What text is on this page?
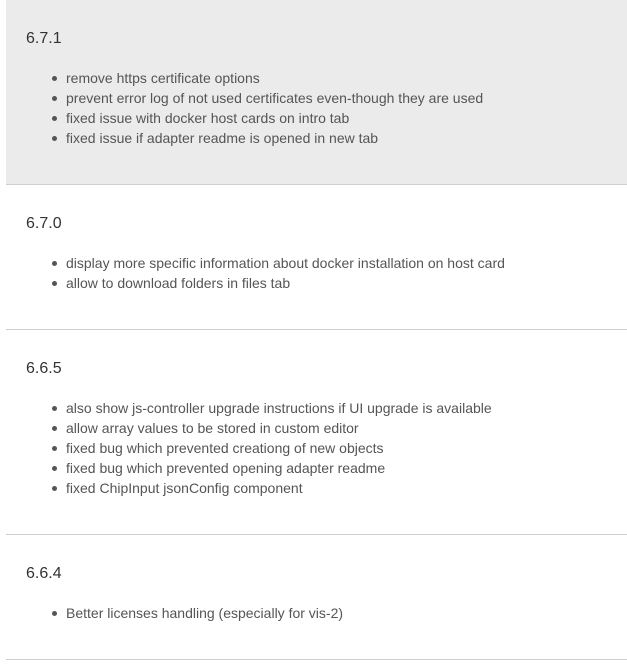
6.7.1
remove https certificate options
prevent error log of not used certificates even-though they are used
fixed issue with docker host cards on intro tab
fixed issue if adapter readme is opened in new tab
6.7.0
display more specific information about docker installation on host card
allow to download folders in files tab
6.6.5
also show js-controller upgrade instructions if UI upgrade is available
allow array values to be stored in custom editor
fixed bug which prevented creationg of new objects
fixed bug which prevented opening adapter readme
fixed ChipInput jsonConfig component
6.6.4
Better licenses handling (especially for vis-2)
